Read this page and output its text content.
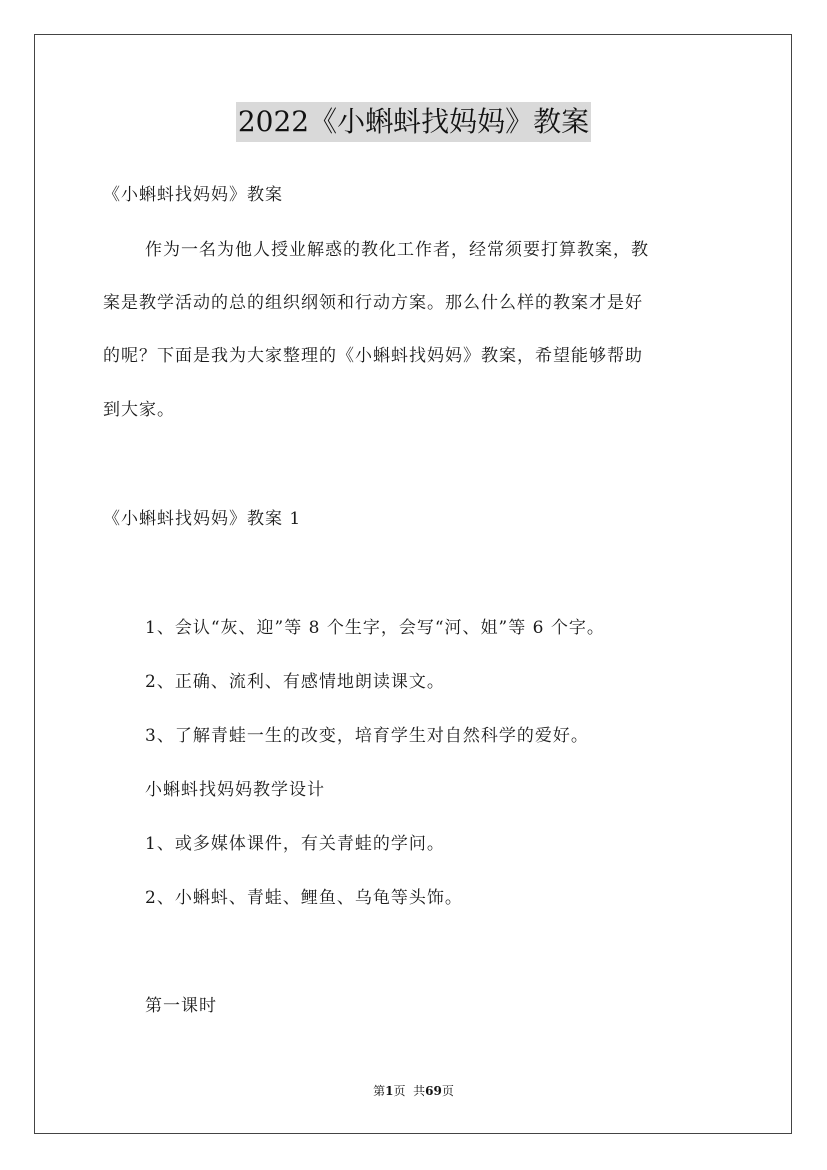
2022《小蝌蚪找妈妈》教案
《小蝌蚪找妈妈》教案
作为一名为他人授业解惑的教化工作者，经常须要打算教案，教
案是教学活动的总的组织纲领和行动方案。那么什么样的教案才是好
的呢？下面是我为大家整理的《小蝌蚪找妈妈》教案，希望能够帮助
到大家。
《小蝌蚪找妈妈》教案 1
1、会认“灰、迎”等 8 个生字，会写“河、姐”等 6 个字。
2、正确、流利、有感情地朗读课文。
3、了解青蛙一生的改变，培育学生对自然科学的爱好。
小蝌蚪找妈妈教学设计
1、或多媒体课件，有关青蛙的学问。
2、小蝌蚪、青蛙、鲤鱼、乌龟等头饰。
第一课时
第1页 共69页
